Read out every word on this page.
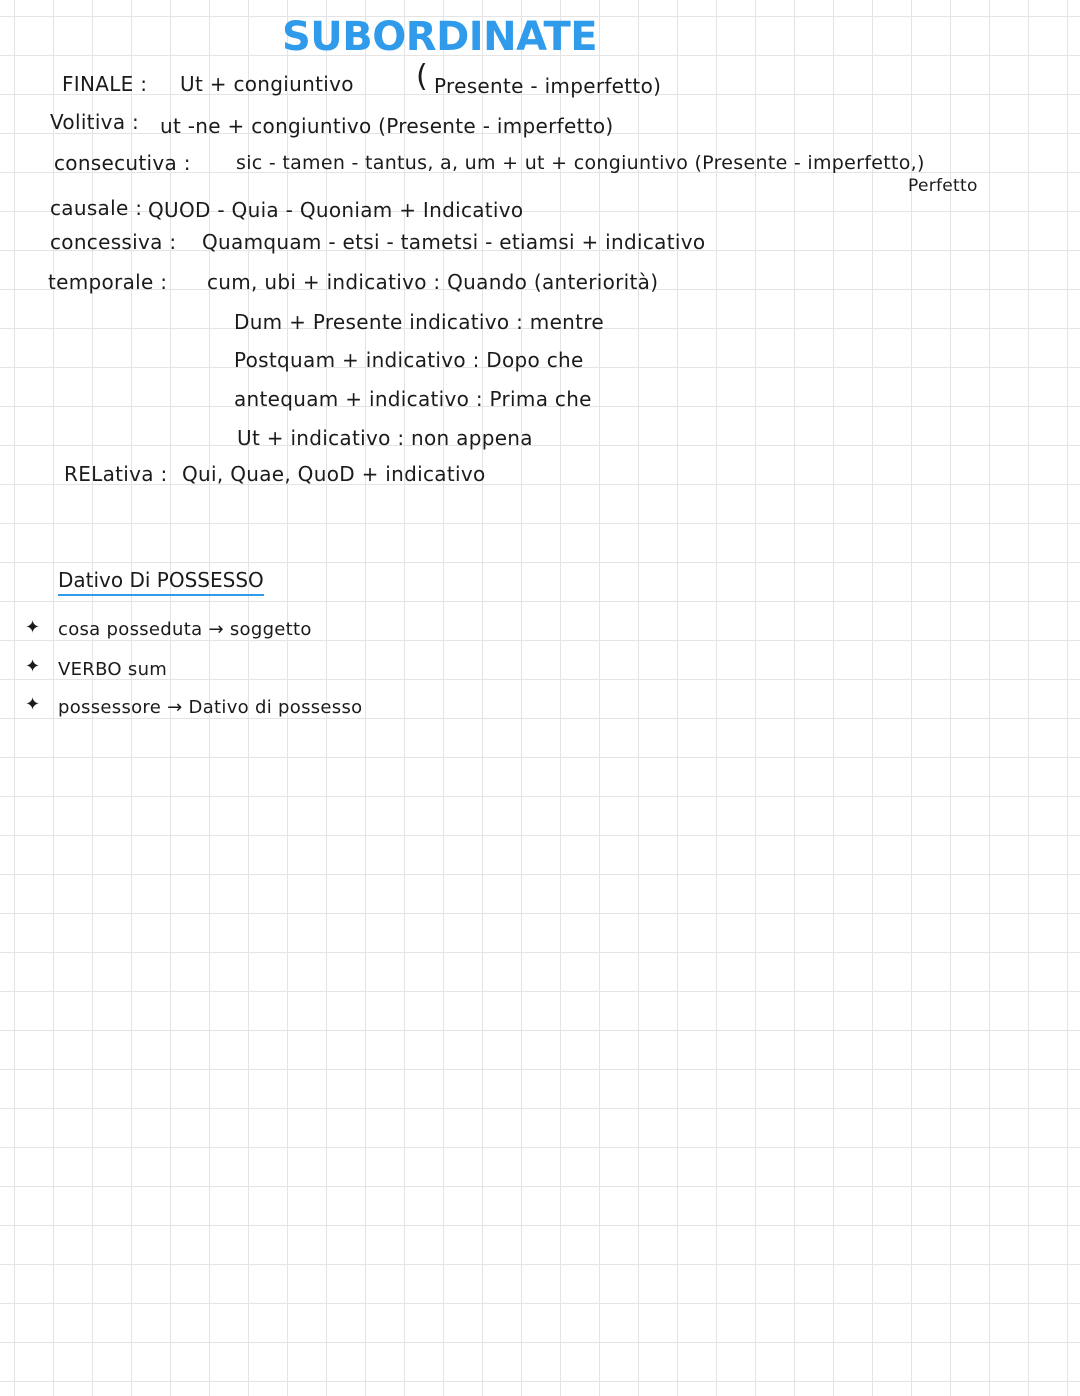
SUBORDINATE
FINALE : Ut + congiuntivo ( Presente - imperfetto)
Volitiva : ut -ne + congiuntivo (Presente - imperfetto)
consecutiva : sic - tamen - tantus, a, um + ut + congiuntivo (Presente - imperfetto,)
Perfetto
causale : QUOD - Quia - Quoniam + Indicativo
concessiva : Quamquam - etsi - tametsi - etiamsi + indicativo
temporale : cum, ubi + indicativo : Quando (anteriorità)
Dum + Presente indicativo : mentre
Postquam + indicativo : Dopo che
antequam + indicativo : Prima che
Ut + indicativo : non appena
RELativa : Qui, Quae, QuoD + indicativo
Dativo Di POSSESSO
✦ cosa posseduta → soggetto
✦ VERBO sum
✦ possessore → Dativo di possesso
